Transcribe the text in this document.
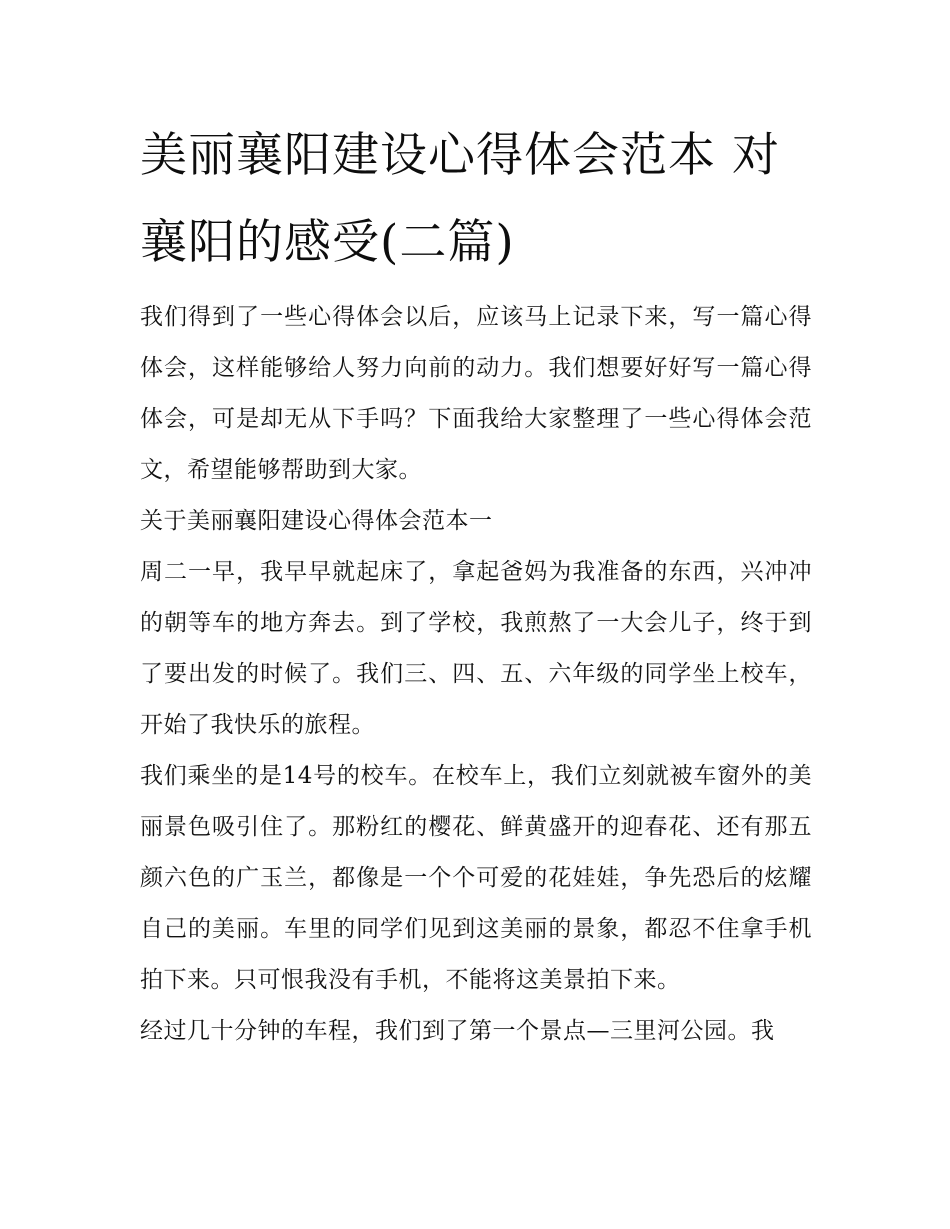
美丽襄阳建设心得体会范本 对襄阳的感受(二篇)

我们得到了一些心得体会以后，应该马上记录下来，写一篇心得体会，这样能够给人努力向前的动力。我们想要好好写一篇心得体会，可是却无从下手吗？下面我给大家整理了一些心得体会范文，希望能够帮助到大家。

关于美丽襄阳建设心得体会范本一

周二一早，我早早就起床了，拿起爸妈为我准备的东西，兴冲冲的朝等车的地方奔去。到了学校，我煎熬了一大会儿子，终于到了要出发的时候了。我们三、四、五、六年级的同学坐上校车，开始了我快乐的旅程。

我们乘坐的是14号的校车。在校车上，我们立刻就被车窗外的美丽景色吸引住了。那粉红的樱花、鲜黄盛开的迎春花、还有那五颜六色的广玉兰，都像是一个个可爱的花娃娃，争先恐后的炫耀自己的美丽。车里的同学们见到这美丽的景象，都忍不住拿手机拍下来。只可恨我没有手机，不能将这美景拍下来。

经过几十分钟的车程，我们到了第一个景点—三里河公园。我
